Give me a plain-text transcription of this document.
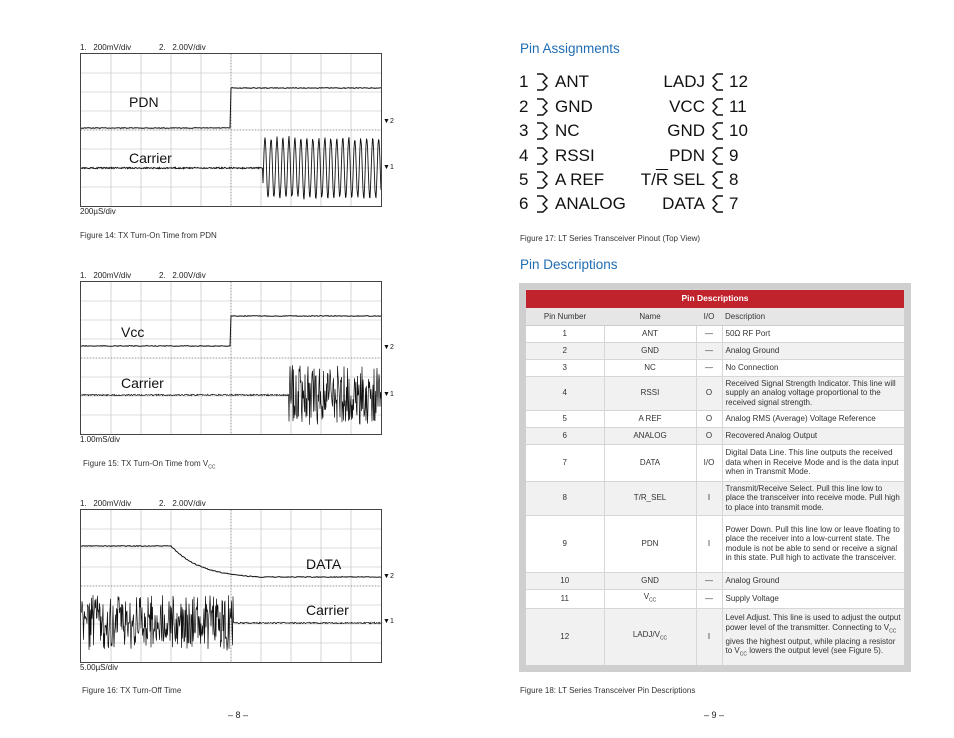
1.   200mV/div	2.   2.00V/div
PDN
Carrier
▼2
▼1
200µS/div
Figure 14: TX Turn-On Time from PDN
1.   200mV/div	2.   2.00V/div
Vcc
Carrier
▼2
▼1
1.00mS/div
Figure 15: TX Turn-On Time from $V_{CC}$
1.   200mV/div	2.   2.00V/div
DATA
Carrier
▼2
▼1
5.00µS/div
Figure 16: TX Turn-Off Time
– 8 –
Pin Assignments
1 ANT
2 GND
3 NC
4 RSSI
5 A REF
6 ANALOG
LADJ 12
VCC 11
GND 10
PDN 9
$T/\overline{R}$ SEL 8
DATA 7
Figure 17: LT Series Transceiver Pinout (Top View)
Pin Descriptions
Pin Descriptions			
Pin Number	Name	I/O	Description
1	ANT	—	50Ω RF Port
2	GND	—	Analog Ground
3	NC	—	No Connection
4	RSSI	O	Received Signal Strength Indicator. This line will supply an analog voltage proportional to the received signal strength.
5	A REF	O	Analog RMS (Average) Voltage Reference
6	ANALOG	O	Recovered Analog Output
7	DATA	I/O	Digital Data Line. This line outputs the received data when in Receive Mode and is the data input when in Transmit Mode.
8	T/R_SEL	I	Transmit/Receive Select. Pull this line low to place the transceiver into receive mode. Pull high to place into transmit mode.
9	PDN	I	Power Down. Pull this line low or leave floating to place the receiver into a low-current state. The module is not be able to send or receive a signal in this state. Pull high to activate the transceiver.
10	GND	—	Analog Ground
11	$V_{CC}$	—	Supply Voltage
12	LADJ/$V_{CC}$	I	Level Adjust. This line is used to adjust the output power level of the transmitter. Connecting to $V_{CC}$ gives the highest output, while placing a resistor to $V_{CC}$ lowers the output level (see Figure 5).
Figure 18: LT Series Transceiver Pin Descriptions
– 9 –
